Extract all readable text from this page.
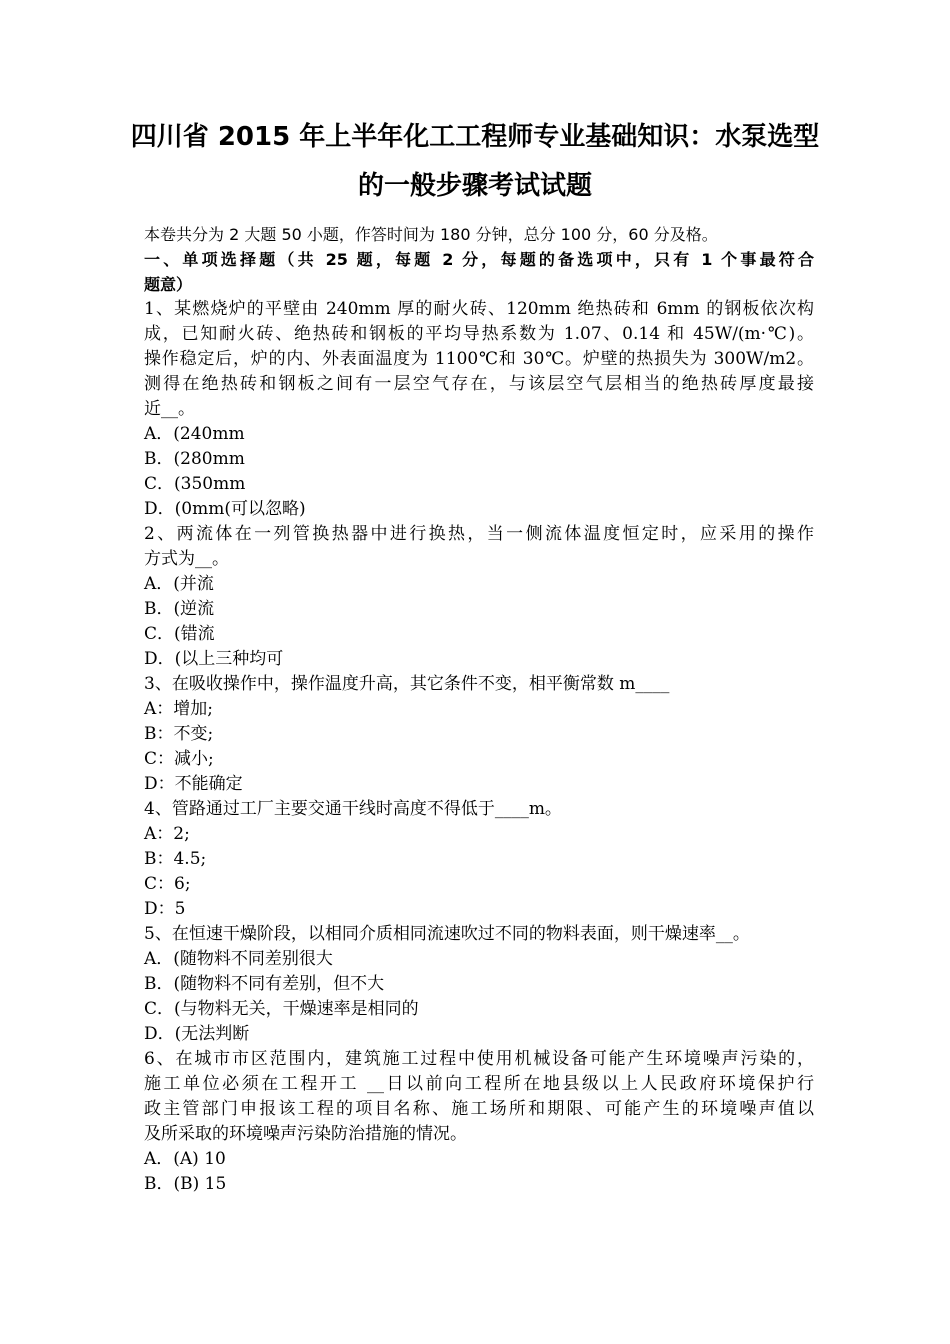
四川省 2015 年上半年化工工程师专业基础知识：水泵选型
的一般步骤考试试题
本卷共分为 2 大题 50 小题，作答时间为 180 分钟，总分 100 分，60 分及格。
一、单项选择题（共 25 题，每题 2 分，每题的备选项中，只有 1 个事最符合
题意）
1、某燃烧炉的平壁由 240mm 厚的耐火砖、120mm 绝热砖和 6mm 的钢板依次构
成，已知耐火砖、绝热砖和钢板的平均导热系数为 1.07、0.14 和 45W/(m·℃)。
操作稳定后，炉的内、外表面温度为 1100℃和 30℃。炉壁的热损失为 300W/m2。
测得在绝热砖和钢板之间有一层空气存在，与该层空气层相当的绝热砖厚度最接
近__。
A．(240mm
B．(280mm
C．(350mm
D．(0mm(可以忽略)
2、两流体在一列管换热器中进行换热，当一侧流体温度恒定时，应采用的操作
方式为__。
A．(并流
B．(逆流
C．(错流
D．(以上三种均可
3、在吸收操作中，操作温度升高，其它条件不变，相平衡常数 m____
A：增加;
B：不变;
C：减小;
D：不能确定
4、管路通过工厂主要交通干线时高度不得低于____m。
A：2;
B：4.5;
C：6;
D：5
5、在恒速干燥阶段，以相同介质相同流速吹过不同的物料表面，则干燥速率__。
A．(随物料不同差别很大
B．(随物料不同有差别，但不大
C．(与物料无关，干燥速率是相同的
D．(无法判断
6、在城市市区范围内，建筑施工过程中使用机械设备可能产生环境噪声污染的，
施工单位必须在工程开工 __日以前向工程所在地县级以上人民政府环境保护行
政主管部门申报该工程的项目名称、施工场所和期限、可能产生的环境噪声值以
及所采取的环境噪声污染防治措施的情况。
A．(A) 10
B．(B) 15
